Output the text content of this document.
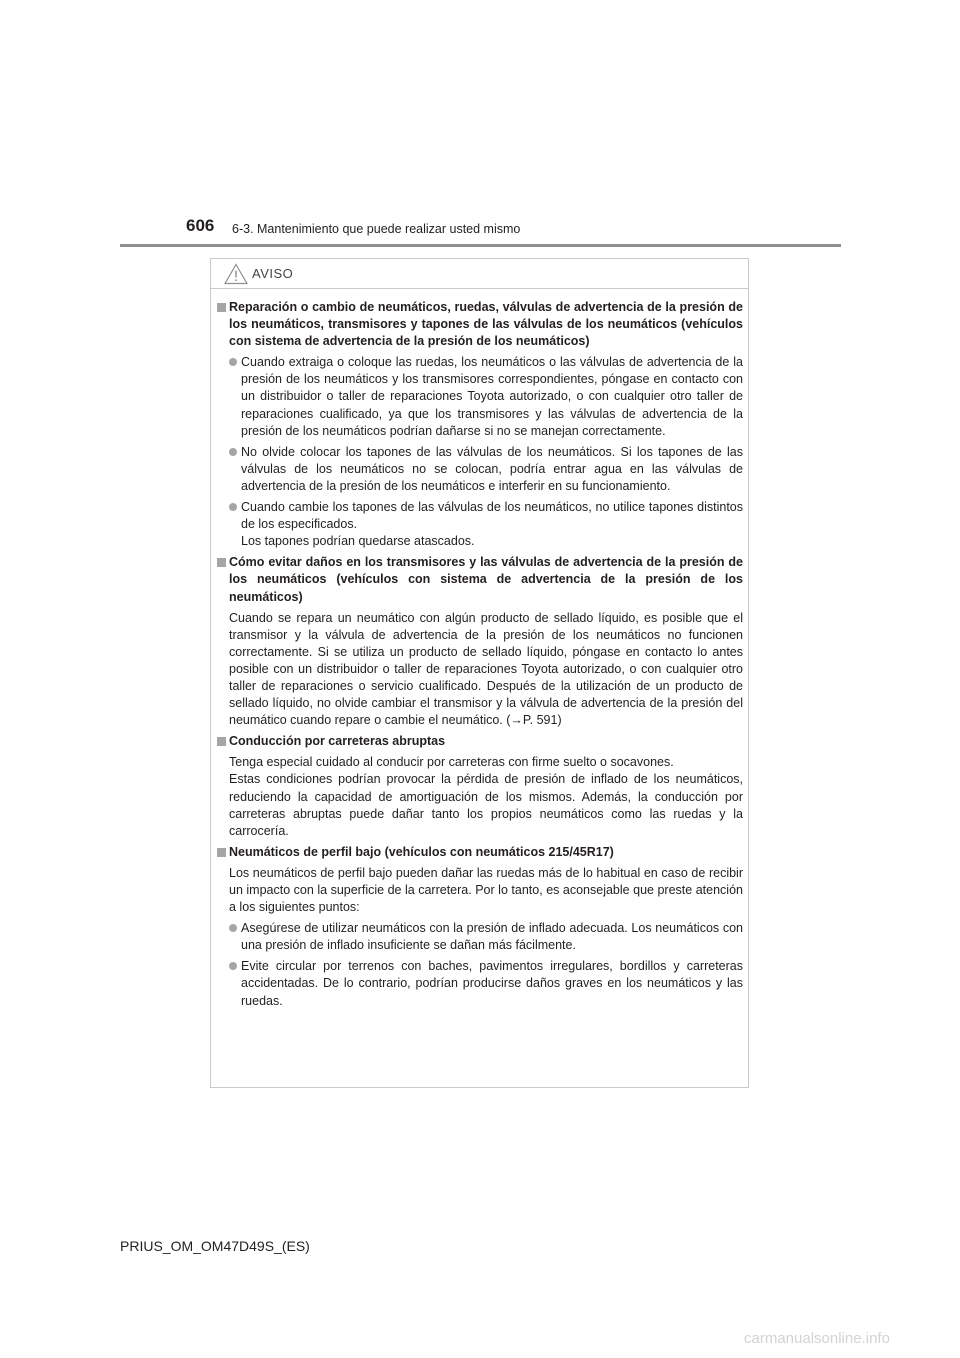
606 6-3. Mantenimiento que puede realizar usted mismo
AVISO
Reparación o cambio de neumáticos, ruedas, válvulas de advertencia de la presión de los neumáticos, transmisores y tapones de las válvulas de los neumáticos (vehículos con sistema de advertencia de la presión de los neumáticos)
Cuando extraiga o coloque las ruedas, los neumáticos o las válvulas de advertencia de la presión de los neumáticos y los transmisores correspondientes, póngase en contacto con un distribuidor o taller de reparaciones Toyota autorizado, o con cualquier otro taller de reparaciones cualificado, ya que los transmisores y las válvulas de advertencia de la presión de los neumáticos podrían dañarse si no se manejan correctamente.
No olvide colocar los tapones de las válvulas de los neumáticos. Si los tapones de las válvulas de los neumáticos no se colocan, podría entrar agua en las válvulas de advertencia de la presión de los neumáticos e interferir en su funcionamiento.
Cuando cambie los tapones de las válvulas de los neumáticos, no utilice tapones distintos de los especificados.
Los tapones podrían quedarse atascados.
Cómo evitar daños en los transmisores y las válvulas de advertencia de la presión de los neumáticos (vehículos con sistema de advertencia de la presión de los neumáticos)
Cuando se repara un neumático con algún producto de sellado líquido, es posible que el transmisor y la válvula de advertencia de la presión de los neumáticos no funcionen correctamente. Si se utiliza un producto de sellado líquido, póngase en contacto lo antes posible con un distribuidor o taller de reparaciones Toyota autorizado, o con cualquier otro taller de reparaciones o servicio cualificado. Después de la utilización de un producto de sellado líquido, no olvide cambiar el transmisor y la válvula de advertencia de la presión del neumático cuando repare o cambie el neumático. (→P. 591)
Conducción por carreteras abruptas
Tenga especial cuidado al conducir por carreteras con firme suelto o socavones.
Estas condiciones podrían provocar la pérdida de presión de inflado de los neumáticos, reduciendo la capacidad de amortiguación de los mismos. Además, la conducción por carreteras abruptas puede dañar tanto los propios neumáticos como las ruedas y la carrocería.
Neumáticos de perfil bajo (vehículos con neumáticos 215/45R17)
Los neumáticos de perfil bajo pueden dañar las ruedas más de lo habitual en caso de recibir un impacto con la superficie de la carretera. Por lo tanto, es aconsejable que preste atención a los siguientes puntos:
Asegúrese de utilizar neumáticos con la presión de inflado adecuada. Los neumáticos con una presión de inflado insuficiente se dañan más fácilmente.
Evite circular por terrenos con baches, pavimentos irregulares, bordillos y carreteras accidentadas. De lo contrario, podrían producirse daños graves en los neumáticos y las ruedas.
PRIUS_OM_OM47D49S_(ES)
carmanualsonline.info
